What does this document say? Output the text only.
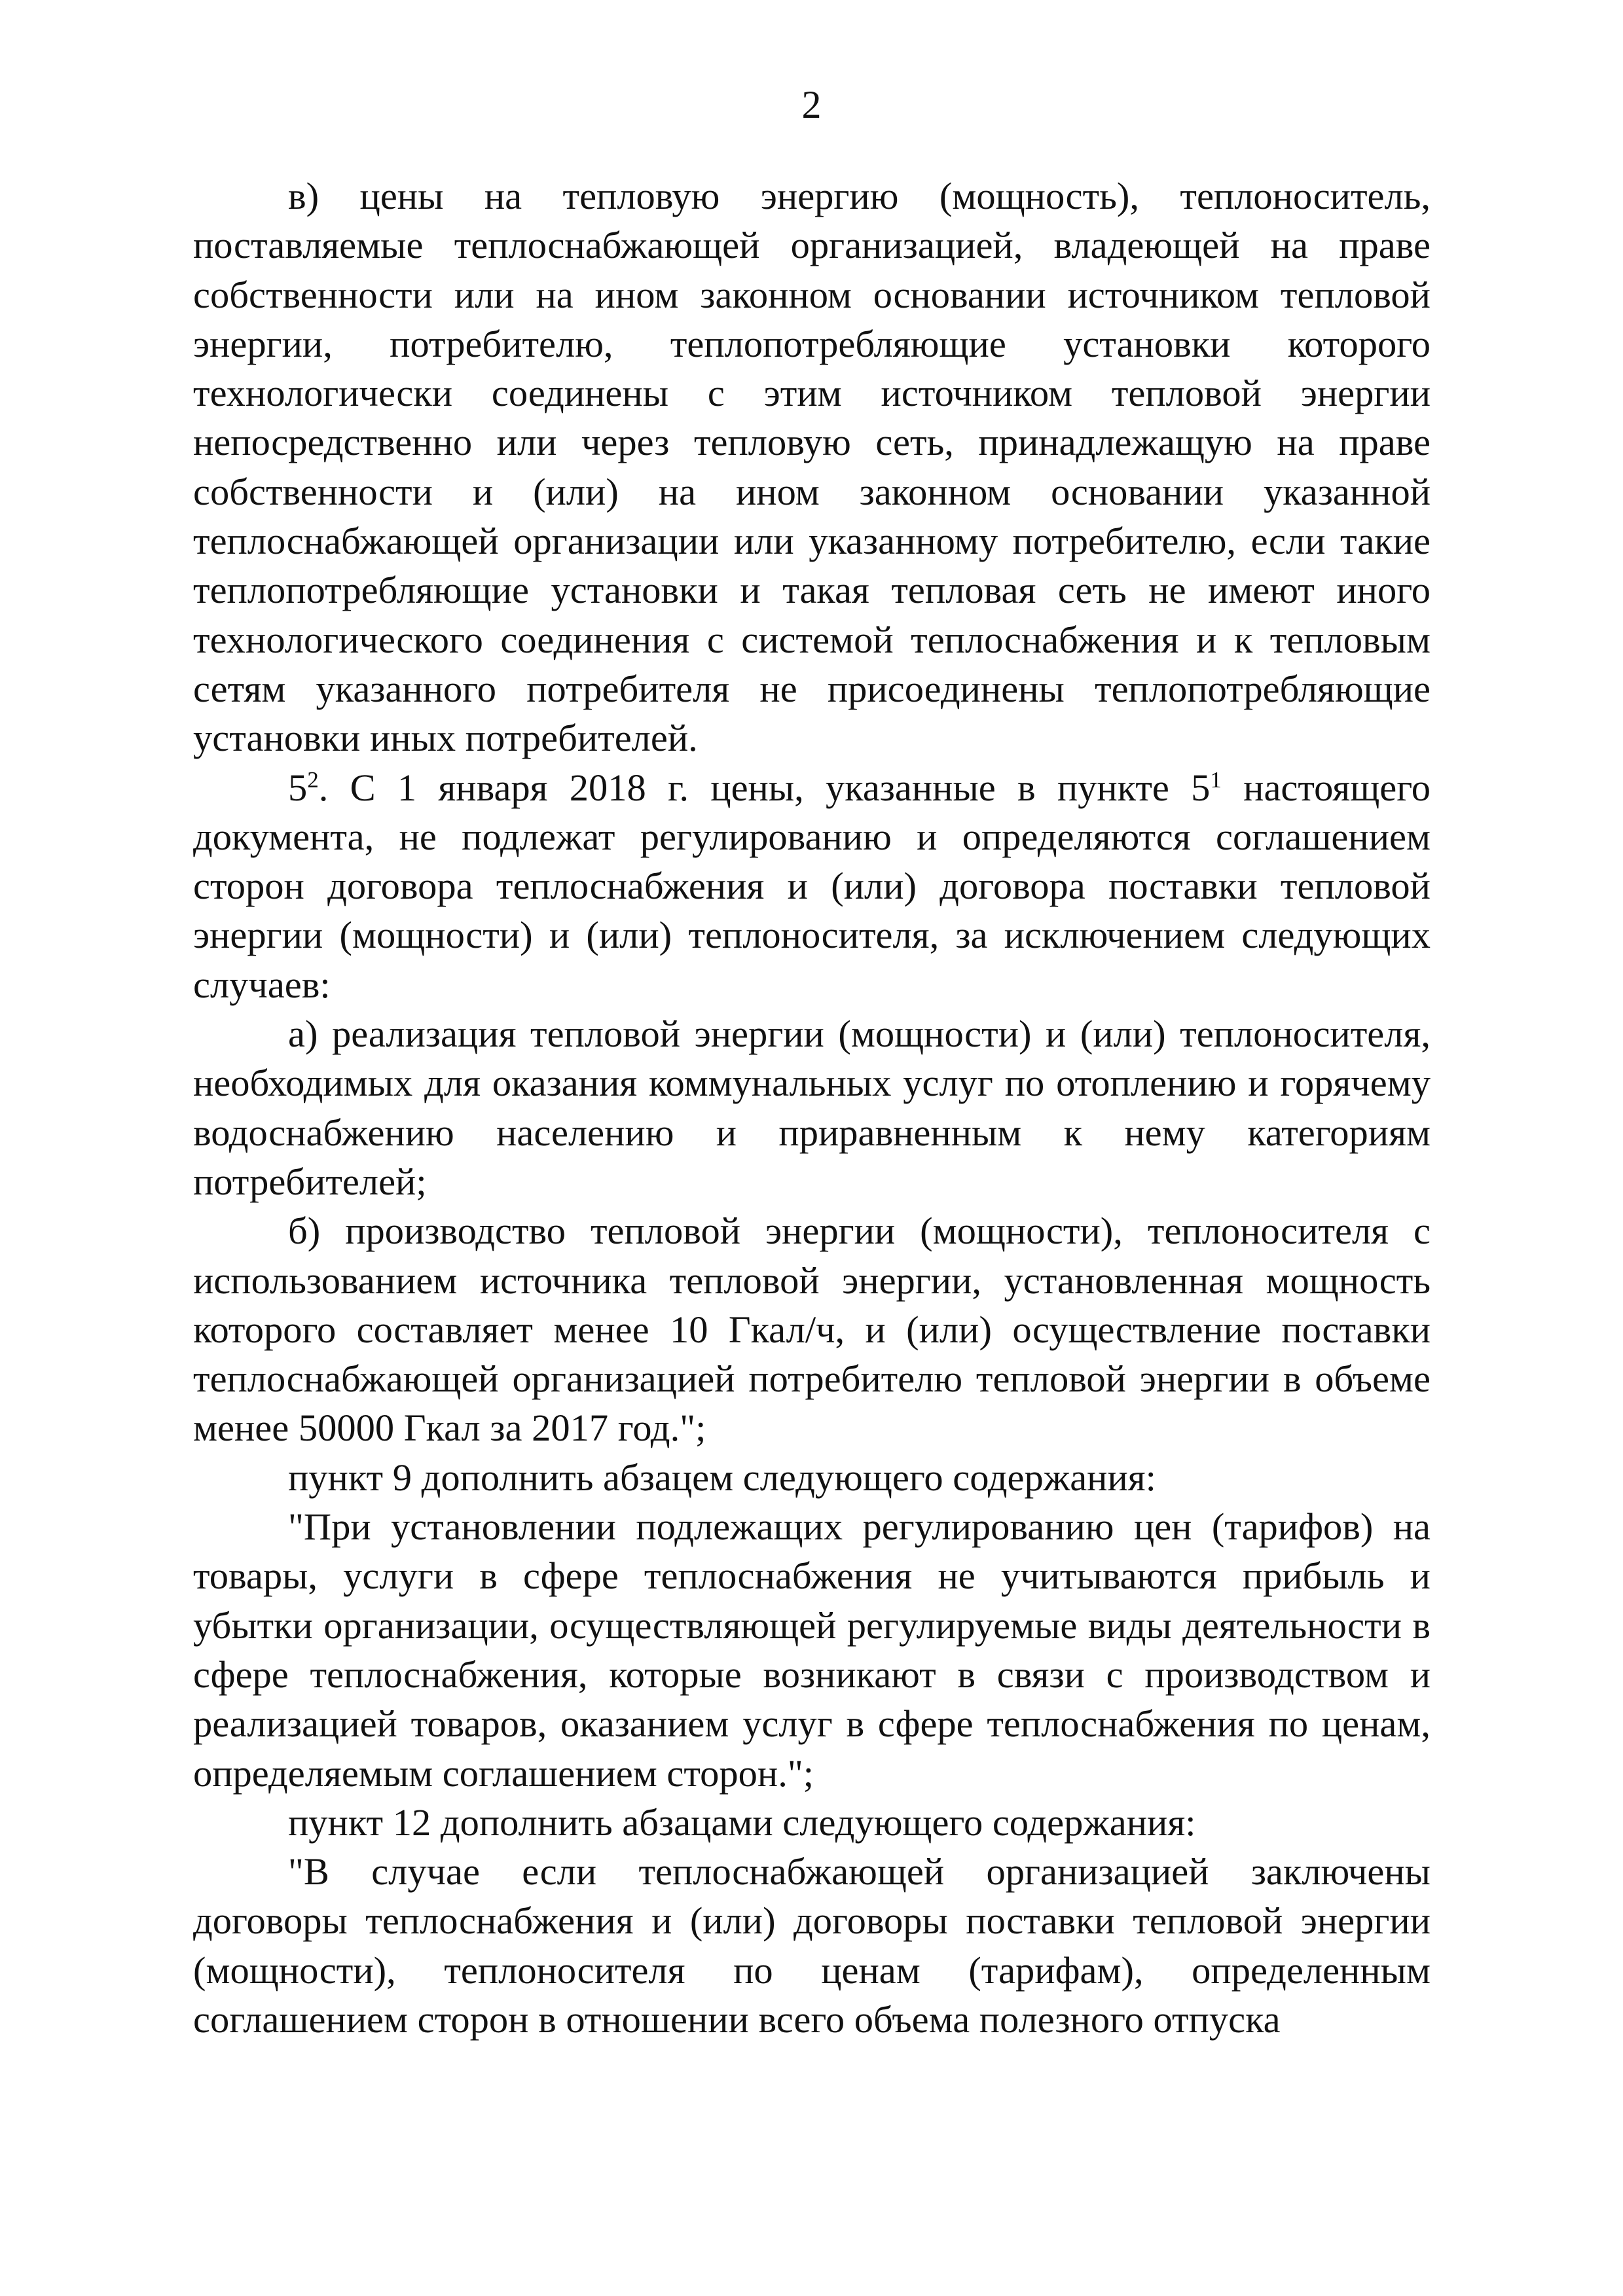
2

в) цены на тепловую энергию (мощность), теплоноситель, поставляемые теплоснабжающей организацией, владеющей на праве собственности или на ином законном основании источником тепловой энергии, потребителю, теплопотребляющие установки которого технологически соединены с этим источником тепловой энергии непосредственно или через тепловую сеть, принадлежащую на праве собственности и (или) на ином законном основании указанной теплоснабжающей организации или указанному потребителю, если такие теплопотребляющие установки и такая тепловая сеть не имеют иного технологического соединения с системой теплоснабжения и к тепловым сетям указанного потребителя не присоединены теплопотребляющие установки иных потребителей.

$5^2$. С 1 января 2018 г. цены, указанные в пункте $5^1$ настоящего документа, не подлежат регулированию и определяются соглашением сторон договора теплоснабжения и (или) договора поставки тепловой энергии (мощности) и (или) теплоносителя, за исключением следующих случаев:

а) реализация тепловой энергии (мощности) и (или) теплоносителя, необходимых для оказания коммунальных услуг по отоплению и горячему водоснабжению населению и приравненным к нему категориям потребителей;

б) производство тепловой энергии (мощности), теплоносителя с использованием источника тепловой энергии, установленная мощность которого составляет менее 10 Гкал/ч, и (или) осуществление поставки теплоснабжающей организацией потребителю тепловой энергии в объеме менее 50000 Гкал за 2017 год.";

пункт 9 дополнить абзацем следующего содержания:

"При установлении подлежащих регулированию цен (тарифов) на товары, услуги в сфере теплоснабжения не учитываются прибыль и убытки организации, осуществляющей регулируемые виды деятельности в сфере теплоснабжения, которые возникают в связи с производством и реализацией товаров, оказанием услуг в сфере теплоснабжения по ценам, определяемым соглашением сторон.";

пункт 12 дополнить абзацами следующего содержания:

"В случае если теплоснабжающей организацией заключены договоры теплоснабжения и (или) договоры поставки тепловой энергии (мощности), теплоносителя по ценам (тарифам), определенным соглашением сторон в отношении всего объема полезного отпуска
